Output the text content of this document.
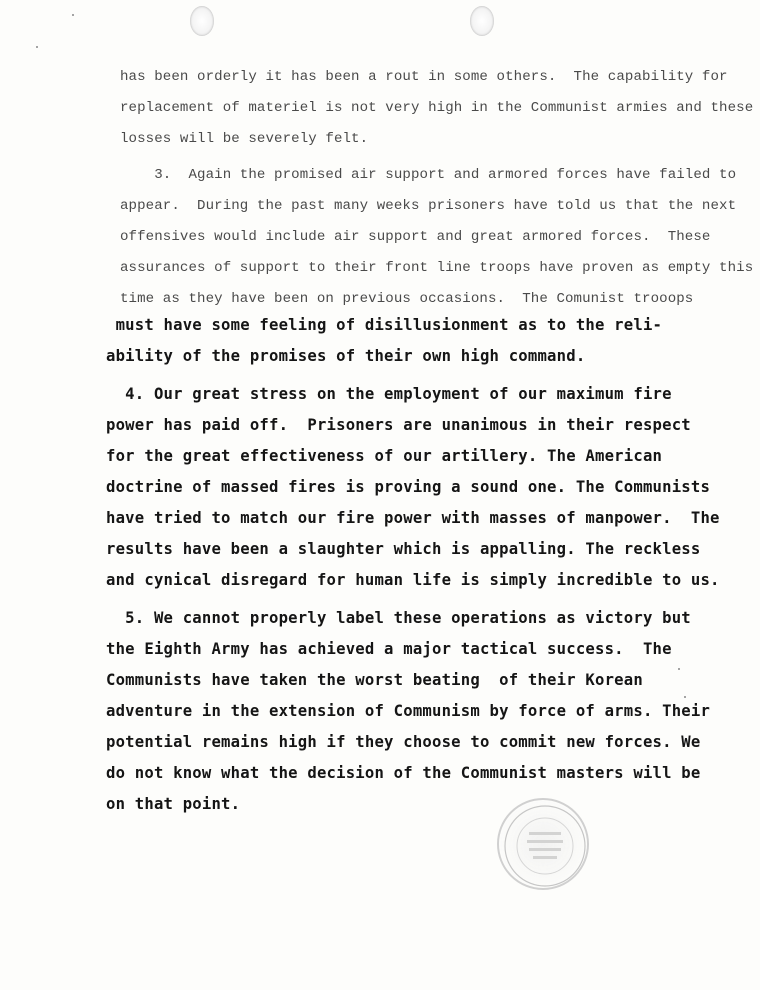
has been orderly it has been a rout in some others.  The capability for
replacement of materiel is not very high in the Communist armies and these
losses will be severely felt.
3.  Again the promised air support and armored forces have failed to
appear.  During the past many weeks prisoners have told us that the next
offensives would include air support and great armored forces.  These
assurances of support to their front line troops have proven as empty this
time as they have been on previous occasions.  The Comunist trooops
must have some feeling of disillusionment as to the reli-
ability of the promises of their own high command.
4. Our great stress on the employment of our maximum fire
power has paid off.  Prisoners are unanimous in their respect
for the great effectiveness of our artillery. The American
doctrine of massed fires is proving a sound one. The Communists
have tried to match our fire power with masses of manpower.  The
results have been a slaughter which is appalling. The reckless
and cynical disregard for human life is simply incredible to us.
5. We cannot properly label these operations as victory but
the Eighth Army has achieved a major tactical success.  The
Communists have taken the worst beating  of their Korean
adventure in the extension of Communism by force of arms. Their
potential remains high if they choose to commit new forces. We
do not know what the decision of the Communist masters will be
on that point.
